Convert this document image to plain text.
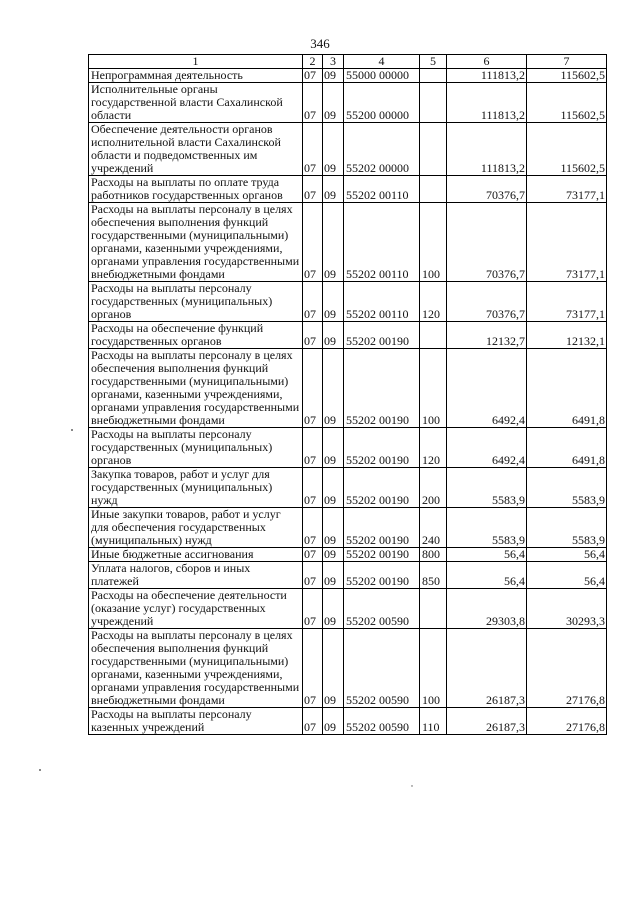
346
1	2	3	4	5	6	7
Непрограммная деятельность	07	09	55000 00000		111813,2	115602,5
Исполнительные органы государственной власти Сахалинской области	07	09	55200 00000		111813,2	115602,5
Обеспечение деятельности органов исполнительной власти Сахалинской области и подведомственных им учреждений	07	09	55202 00000		111813,2	115602,5
Расходы на выплаты по оплате труда работников государственных органов	07	09	55202 00110		70376,7	73177,1
Расходы на выплаты персоналу в целях обеспечения выполнения функций государственными (муниципальными) органами, казенными учреждениями, органами управления государственными внебюджетными фондами	07	09	55202 00110	100	70376,7	73177,1
Расходы на выплаты персоналу государственных (муниципальных) органов	07	09	55202 00110	120	70376,7	73177,1
Расходы на обеспечение функций государственных органов	07	09	55202 00190		12132,7	12132,1
Расходы на выплаты персоналу в целях обеспечения выполнения функций государственными (муниципальными) органами, казенными учреждениями, органами управления государственными внебюджетными фондами	07	09	55202 00190	100	6492,4	6491,8
Расходы на выплаты персоналу государственных (муниципальных) органов	07	09	55202 00190	120	6492,4	6491,8
Закупка товаров, работ и услуг для государственных (муниципальных) нужд	07	09	55202 00190	200	5583,9	5583,9
Иные закупки товаров, работ и услуг для обеспечения государственных (муниципальных) нужд	07	09	55202 00190	240	5583,9	5583,9
Иные бюджетные ассигнования	07	09	55202 00190	800	56,4	56,4
Уплата налогов, сборов и иных платежей	07	09	55202 00190	850	56,4	56,4
Расходы на обеспечение деятельности (оказание услуг) государственных учреждений	07	09	55202 00590		29303,8	30293,3
Расходы на выплаты персоналу в целях обеспечения выполнения функций государственными (муниципальными) органами, казенными учреждениями, органами управления государственными внебюджетными фондами	07	09	55202 00590	100	26187,3	27176,8
Расходы на выплаты персоналу казенных учреждений	07	09	55202 00590	110	26187,3	27176,8
